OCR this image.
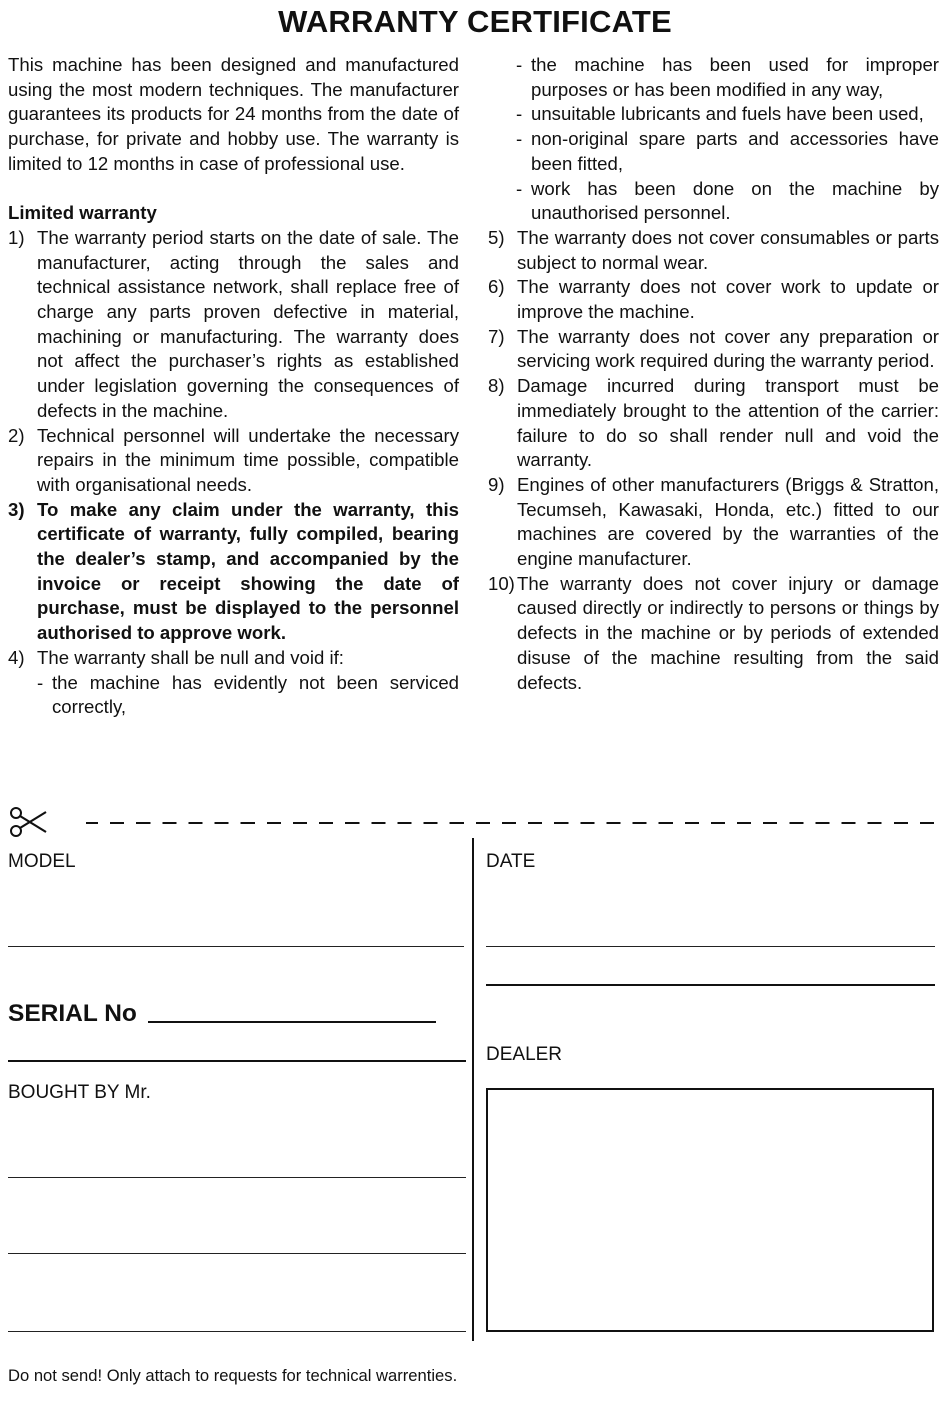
WARRANTY CERTIFICATE

This machine has been designed and manufactured using the most modern techniques. The manufacturer guarantees its products for 24 months from the date of purchase, for private and hobby use. The warranty is limited to 12 months in case of professional use.

Limited warranty

1) The warranty period starts on the date of sale. The manufacturer, acting through the sales and technical assistance network, shall replace free of charge any parts proven defective in material, machining or manufacturing. The warranty does not affect the purchaser’s rights as established under legislation governing the consequences of defects in the machine.
2) Technical personnel will undertake the necessary repairs in the minimum time possible, compatible with organisational needs.
3) To make any claim under the warranty, this certificate of warranty, fully compiled, bearing the dealer’s stamp, and accompanied by the invoice or receipt showing the date of purchase, must be displayed to the personnel authorised to approve work.
4) The warranty shall be null and void if:
- the machine has evidently not been serviced correctly,
- the machine has been used for improper purposes or has been modified in any way,
- unsuitable lubricants and fuels have been used,
- non-original spare parts and accessories have been fitted,
- work has been done on the machine by unauthorised personnel.
5) The warranty does not cover consumables or parts subject to normal wear.
6) The warranty does not cover work to update or improve the machine.
7) The warranty does not cover any preparation or servicing work required during the warranty period.
8) Damage incurred during transport must be immediately brought to the attention of the carrier: failure to do so shall render null and void the warranty.
9) Engines of other manufacturers (Briggs & Stratton, Tecumseh, Kawasaki, Honda, etc.) fitted to our machines are covered by the warranties of the engine manufacturer.
10) The warranty does not cover injury or damage caused directly or indirectly to persons or things by defects in the machine or by periods of extended disuse of the machine resulting from the said defects.
MODEL	DATE
SERIAL No
DEALER
BOUGHT BY Mr.
Do not send! Only attach to requests for technical warrenties.
